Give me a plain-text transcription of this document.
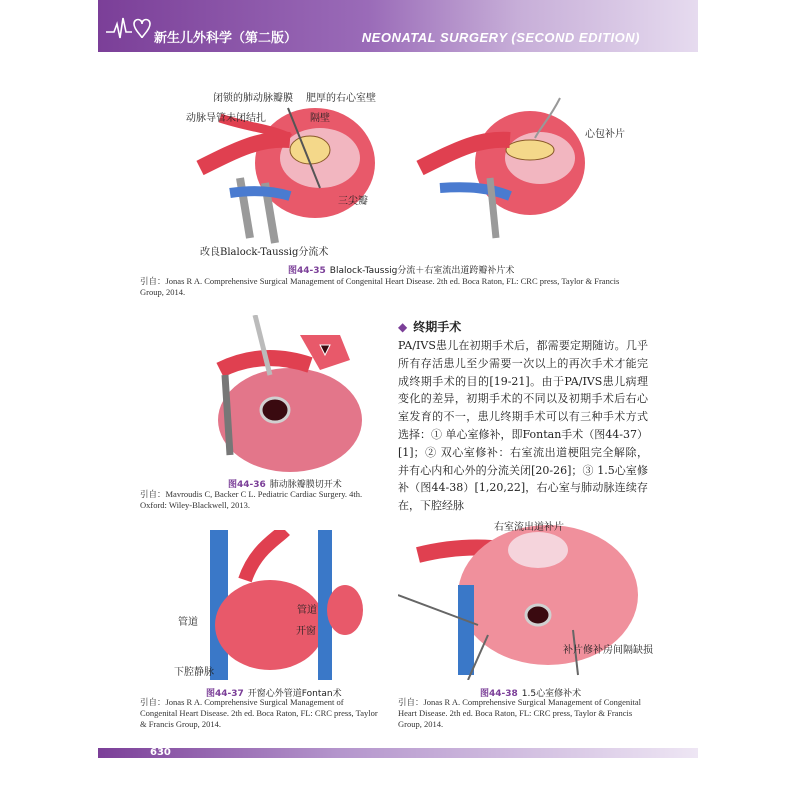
新生儿外科学（第二版）	NEONATAL SURGERY (SECOND EDITION)
闭锁的肺动脉瓣膜 肥厚的右心室壁
动脉导管未闭结扎	隔壁
三尖瓣
改良Blalock-Taussig分流术
心包补片
图44-35 Blalock-Taussig分流＋右室流出道跨瓣补片术
引自：Jonas R A. Comprehensive Surgical Management of Congenital Heart Disease. 2th ed. Boca Raton, FL: CRC press, Taylor & Francis Group, 2014.
图44-36 肺动脉瓣膜切开术
引自：Mavroudis C, Backer C L. Pediatric Cardiac Surgery. 4th. Oxford: Wiley-Blackwell, 2013.
◆ 终期手术
PA/IVS患儿在初期手术后，都需要定期随访。几乎所有存活患儿至少需要一次以上的再次手术才能完成终期手术的目的[19-21]。由于PA/IVS患儿病理变化的差异，初期手术的不同以及初期手术后右心室发育的不一，患儿终期手术可以有三种手术方式选择：① 单心室修补，即Fontan手术（图44-37）[1]；② 双心室修补：右室流出道梗阻完全解除，并有心内和心外的分流关闭[20-26]；③ 1.5心室修补（图44-38）[1,20,22]，右心室与肺动脉连续存在，下腔经脉
管道
管道
开窗
下腔静脉
图44-37 开窗心外管道Fontan术
引自：Jonas R A. Comprehensive Surgical Management of Congenital Heart Disease. 2th ed. Boca Raton, FL: CRC press, Taylor & Francis Group, 2014.
右室流出道补片
补片修补房间隔缺损
图44-38 1.5心室修补术
引自：Jonas R A. Comprehensive Surgical Management of Congenital Heart Disease. 2th ed. Boca Raton, FL: CRC press, Taylor & Francis Group, 2014.
630
